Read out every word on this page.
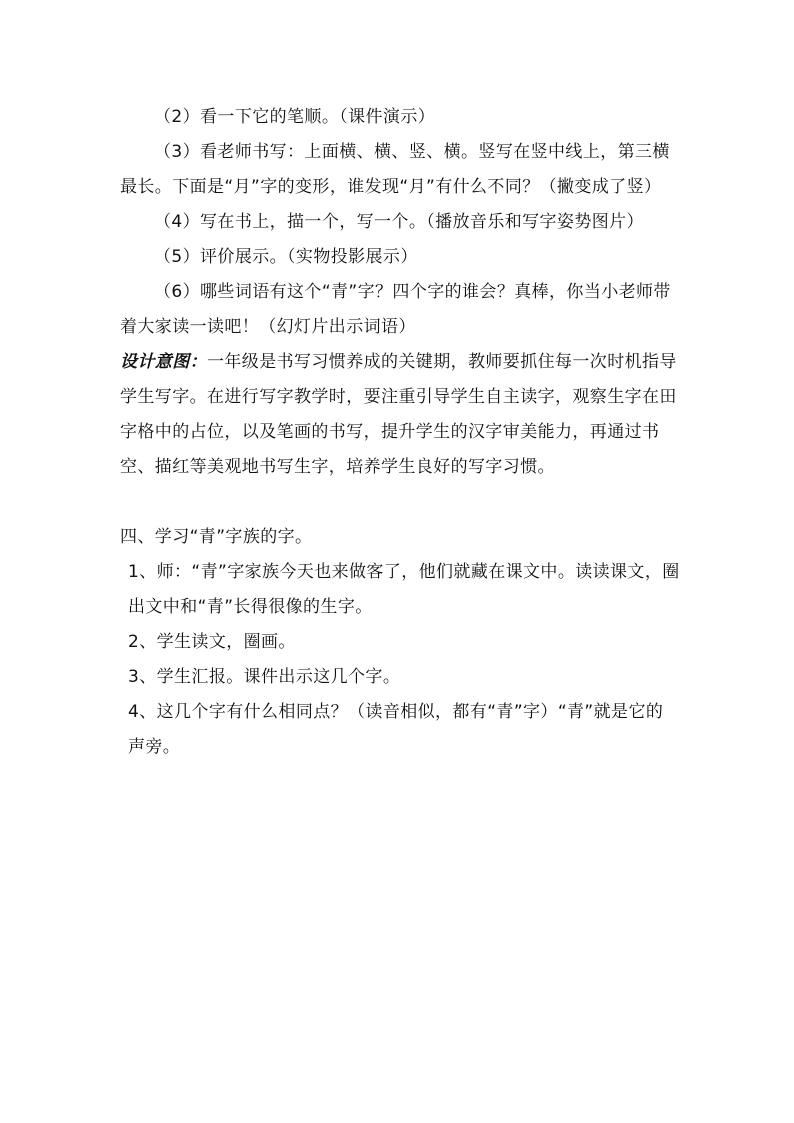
（2）看一下它的笔顺。（课件演示）

（3）看老师书写：上面横、横、竖、横。竖写在竖中线上，第三横最长。下面是“月”字的变形，谁发现“月”有什么不同？（撇变成了竖）

（4）写在书上，描一个，写一个。（播放音乐和写字姿势图片）

（5）评价展示。（实物投影展示）

（6）哪些词语有这个“青”字？四个字的谁会？真棒，你当小老师带着大家读一读吧！（幻灯片出示词语）

设计意图：一年级是书写习惯养成的关键期，教师要抓住每一次时机指导学生写字。在进行写字教学时，要注重引导学生自主读字，观察生字在田字格中的占位，以及笔画的书写，提升学生的汉字审美能力，再通过书空、描红等美观地书写生字，培养学生良好的写字习惯。

四、学习“青”字族的字。

1、师：“青”字家族今天也来做客了，他们就藏在课文中。读读课文，圈出文中和“青”长得很像的生字。

2、学生读文，圈画。

3、学生汇报。课件出示这几个字。

4、这几个字有什么相同点？（读音相似，都有“青”字）“青”就是它的声旁。
